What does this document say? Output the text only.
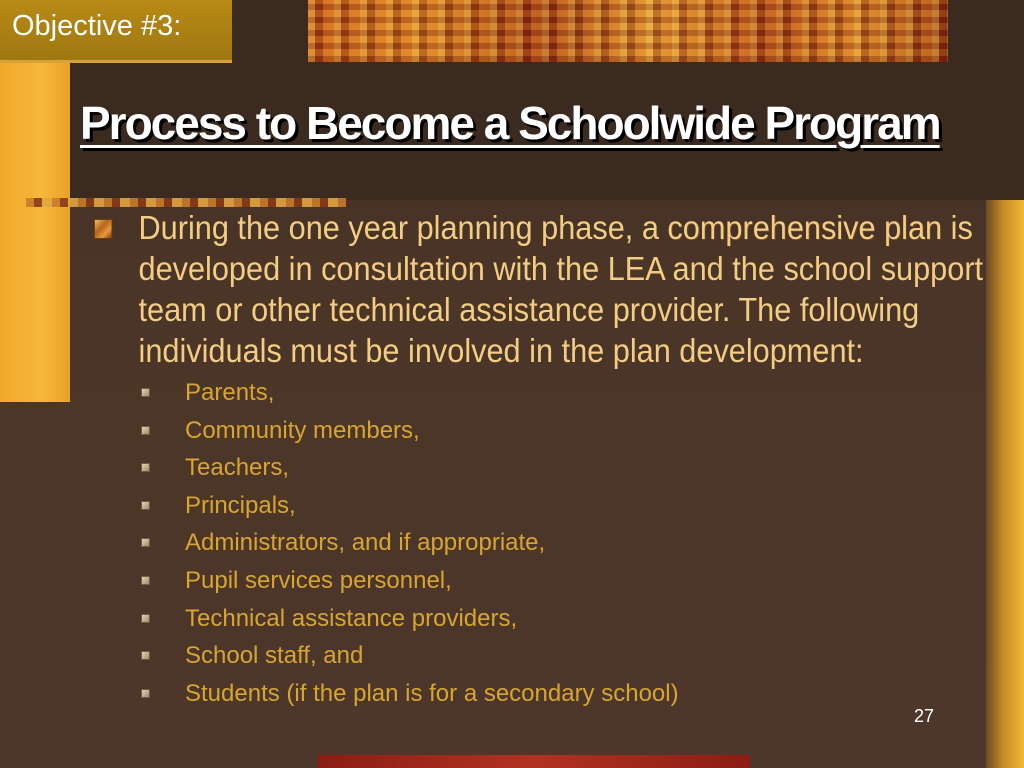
Objective #3:
Process to Become a Schoolwide Program
During the one year planning phase, a comprehensive plan is developed in consultation with the LEA and the school support team or other technical assistance provider. The following individuals must be involved in the plan development:
Parents,
Community members,
Teachers,
Principals,
Administrators, and if appropriate,
Pupil services personnel,
Technical assistance providers,
School staff, and
Students (if the plan is for a secondary school)
27
